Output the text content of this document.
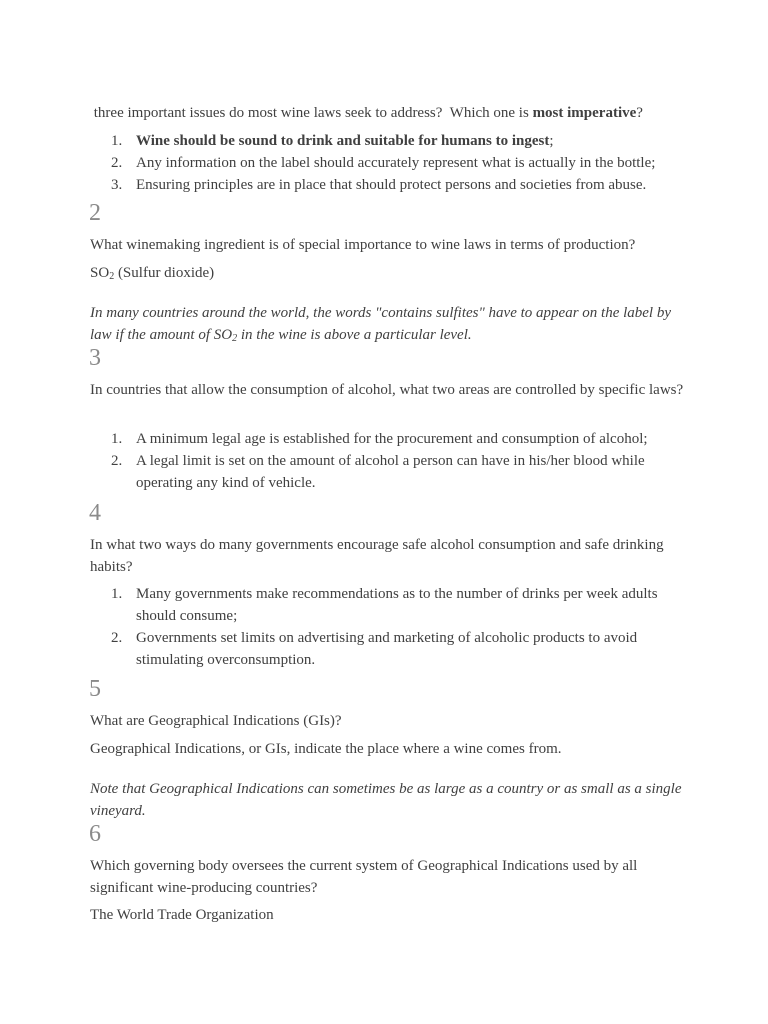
three important issues do most wine laws seek to address?  Which one is most imperative?

1. Wine should be sound to drink and suitable for humans to ingest;
2. Any information on the label should accurately represent what is actually in the bottle;
3. Ensuring principles are in place that should protect persons and societies from abuse.

2

What winemaking ingredient is of special importance to wine laws in terms of production?

$SO_2$ (Sulfur dioxide)

In many countries around the world, the words "contains sulfites" have to appear on the label by law if the amount of $SO_2$ in the wine is above a particular level.

3

In countries that allow the consumption of alcohol, what two areas are controlled by specific laws?

1. A minimum legal age is established for the procurement and consumption of alcohol;
2. A legal limit is set on the amount of alcohol a person can have in his/her blood while operating any kind of vehicle.

4

In what two ways do many governments encourage safe alcohol consumption and safe drinking habits?

1. Many governments make recommendations as to the number of drinks per week adults should consume;
2. Governments set limits on advertising and marketing of alcoholic products to avoid stimulating overconsumption.

5

What are Geographical Indications (GIs)?

Geographical Indications, or GIs, indicate the place where a wine comes from.

Note that Geographical Indications can sometimes be as large as a country or as small as a single vineyard.

6

Which governing body oversees the current system of Geographical Indications used by all significant wine-producing countries?

The World Trade Organization
